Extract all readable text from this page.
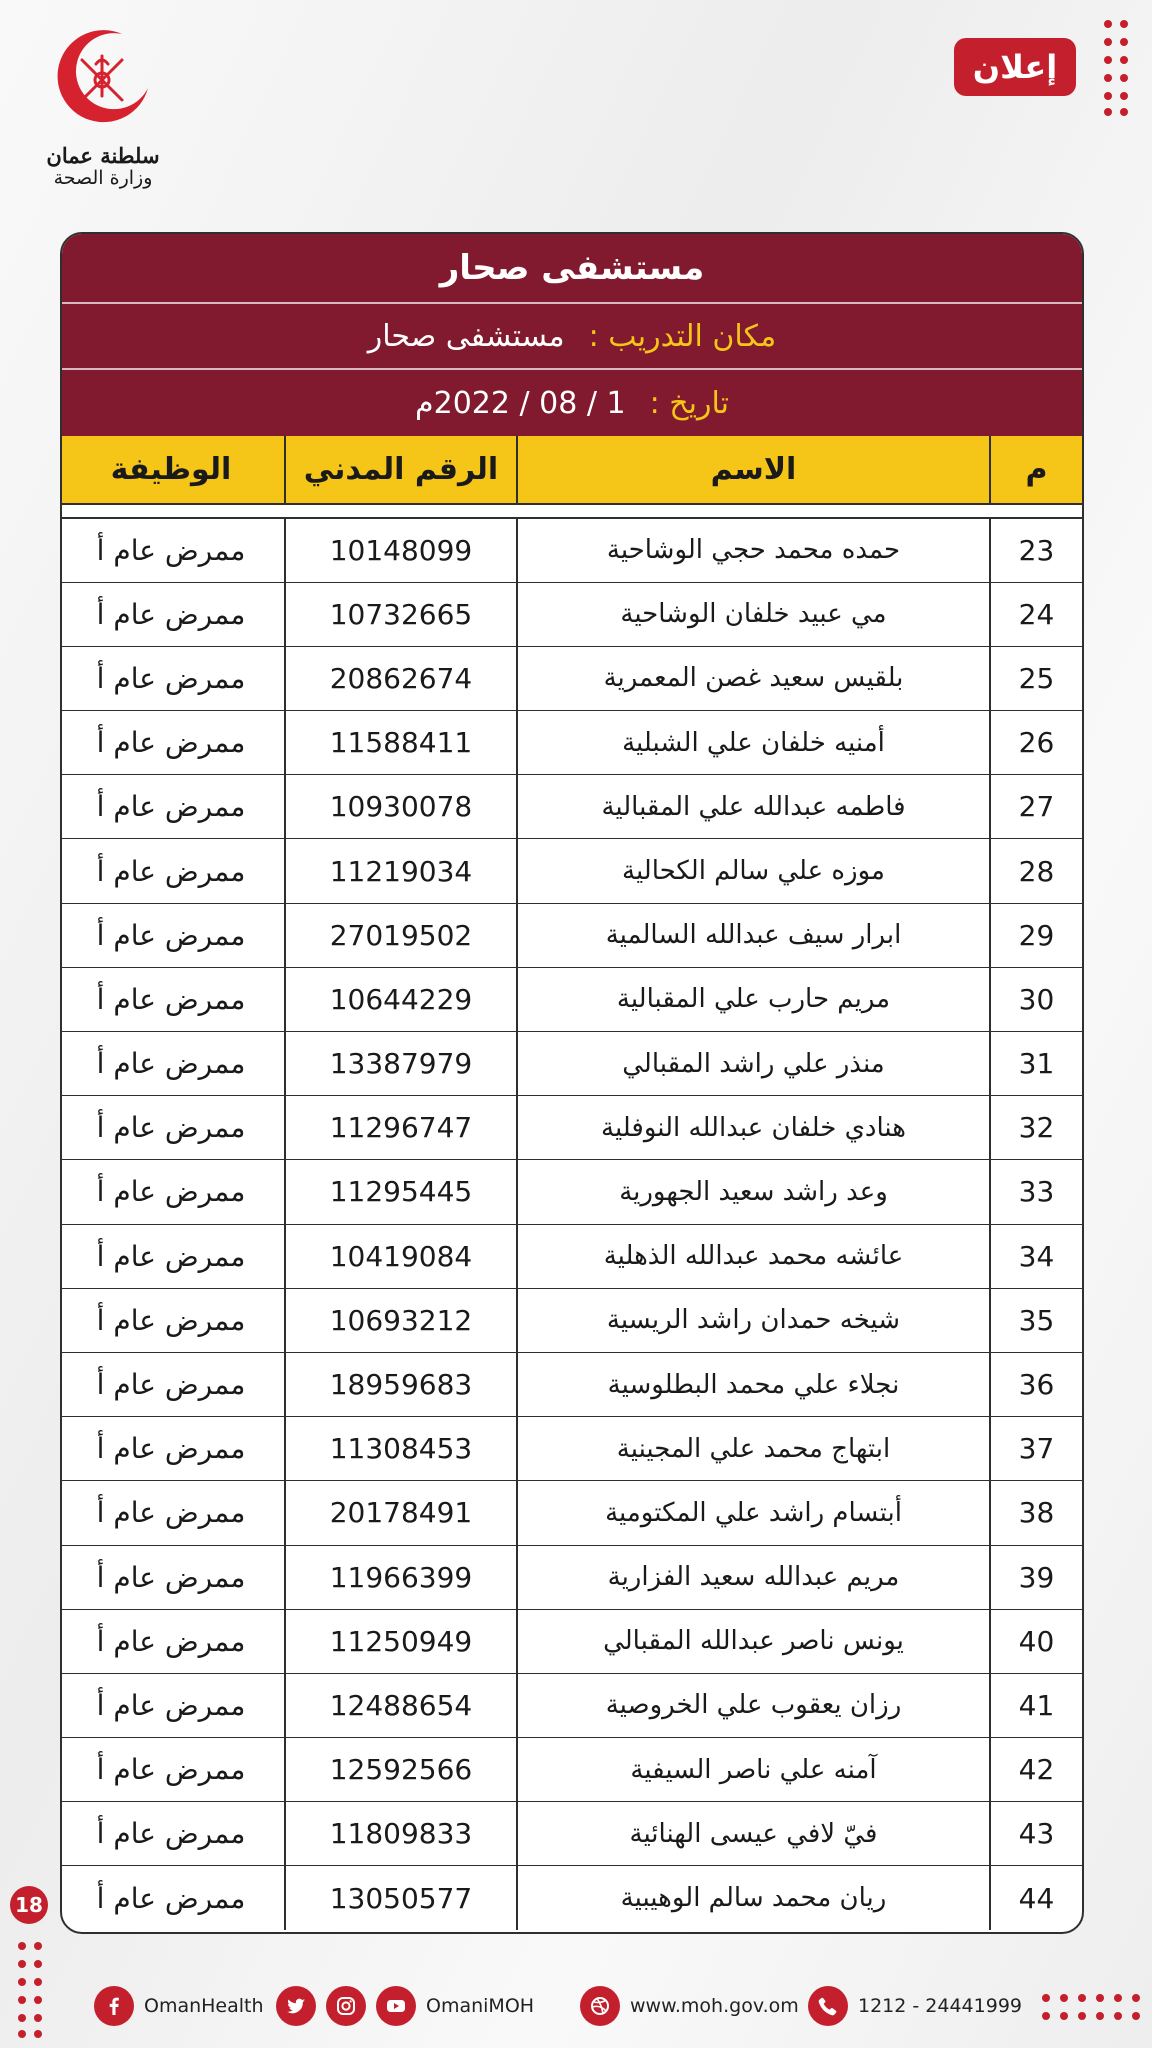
سلطنة عمان
وزارة الصحة
إعلان
مستشفى صحار
مكان التدريب :
مستشفى صحار
تاريخ :
1 / 08 / 2022م
م	الاسم	الرقم المدني	الوظيفة

23	حمده محمد حجي الوشاحية	10148099	ممرض عام أ
24	مي عبيد خلفان الوشاحية	10732665	ممرض عام أ
25	بلقيس سعيد غصن المعمرية	20862674	ممرض عام أ
26	أمنيه خلفان علي الشبلية	11588411	ممرض عام أ
27	فاطمه عبدالله علي المقبالية	10930078	ممرض عام أ
28	موزه علي سالم الكحالية	11219034	ممرض عام أ
29	ابرار سيف عبدالله السالمية	27019502	ممرض عام أ
30	مريم حارب علي المقبالية	10644229	ممرض عام أ
31	منذر علي راشد المقبالي	13387979	ممرض عام أ
32	هنادي خلفان عبدالله النوفلية	11296747	ممرض عام أ
33	وعد راشد سعيد الجهورية	11295445	ممرض عام أ
34	عائشه محمد عبدالله الذهلية	10419084	ممرض عام أ
35	شيخه حمدان راشد الريسية	10693212	ممرض عام أ
36	نجلاء علي محمد البطلوسية	18959683	ممرض عام أ
37	ابتهاج محمد علي المجينية	11308453	ممرض عام أ
38	أبتسام راشد علي المكتومية	20178491	ممرض عام أ
39	مريم عبدالله سعيد الفزارية	11966399	ممرض عام أ
40	يونس ناصر عبدالله المقبالي	11250949	ممرض عام أ
41	رزان يعقوب علي الخروصية	12488654	ممرض عام أ
42	آمنه علي ناصر السيفية	12592566	ممرض عام أ
43	فيّ لافي عيسى الهنائية	11809833	ممرض عام أ
44	ريان محمد سالم الوهيبية	13050577	ممرض عام أ
18
OmanHealth	OmaniMOH	www.moh.gov.om	1212 - 24441999
